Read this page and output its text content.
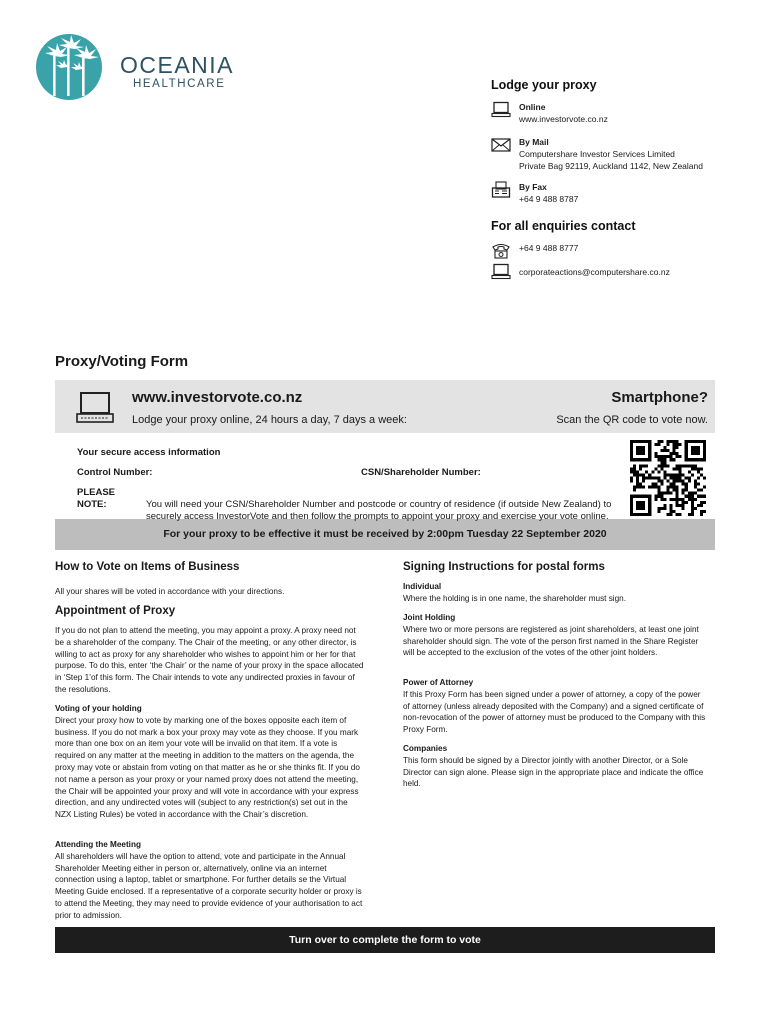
OCEANIA
HEALTHCARE	Lodge your proxy
Online
www.investorvote.co.nz
By Mail
Computershare Investor Services Limited
Private Bag 92119, Auckland 1142, New Zealand
By Fax
+64 9 488 8787
For all enquiries contact
+64 9 488 8777
corporateactions@computershare.co.nz
Proxy/Voting Form
www.investorvote.co.nz
Lodge your proxy online, 24 hours a day, 7 days a week:
Smartphone?
Scan the QR code to vote now.
Your secure access information
Control Number:	CSN/Shareholder Number:
PLEASE NOTE:	You will need your CSN/Shareholder Number and postcode or country of residence (if outside New Zealand) to
securely access InvestorVote and then follow the prompts to appoint your proxy and exercise your vote online.
For your proxy to be effective it must be received by 2:00pm Tuesday 22 September 2020
How to Vote on Items of Business
All your shares will be voted in accordance with your directions.
Appointment of Proxy
If you do not plan to attend the meeting, you may appoint a proxy. A proxy need not be a shareholder of the company. The Chair of the meeting, or any other director, is willing to act as proxy for any shareholder who wishes to appoint him or her for that purpose. To do this, enter ‘the Chair’ or the name of your proxy in the space allocated in ‘Step 1’of this form. The Chair intends to vote any undirected proxies in favour of the resolutions.
Voting of your holding
Direct your proxy how to vote by marking one of the boxes opposite each item of business. If you do not mark a box your proxy may vote as they choose. If you mark more than one box on an item your vote will be invalid on that item. If a vote is required on any matter at the meeting in addition to the matters on the agenda, the proxy may vote or abstain from voting on that matter as he or she thinks fit. If you do not name a person as your proxy or your named proxy does not attend the meeting, the Chair will be appointed your proxy and will vote in accordance with your express direction, and any undirected votes will (subject to any restriction(s) set out in the NZX Listing Rules) be voted in accordance with the Chair’s discretion.
Attending the Meeting
All shareholders will have the option to attend, vote and participate in the Annual Shareholder Meeting either in person or, alternatively, online via an internet connection using a laptop, tablet or smartphone. For further details se the Virtual Meeting Guide enclosed. If a representative of a corporate security holder or proxy is to attend the Meeting, they may need to provide evidence of your authorisation to act prior to admission.
Signing Instructions for postal forms
Individual
Where the holding is in one name, the shareholder must sign.
Joint Holding
Where two or more persons are registered as joint shareholders, at least one joint shareholder should sign. The vote of the person first named in the Share Register will be accepted to the exclusion of the votes of the other joint holders.
Power of Attorney
If this Proxy Form has been signed under a power of attorney, a copy of the power of attorney (unless already deposited with the Company) and a signed certificate of non-revocation of the power of attorney must be produced to the Company with this Proxy Form.
Companies
This form should be signed by a Director jointly with another Director, or a Sole Director can sign alone. Please sign in the appropriate place and indicate the office held.
Turn over to complete the form to vote
